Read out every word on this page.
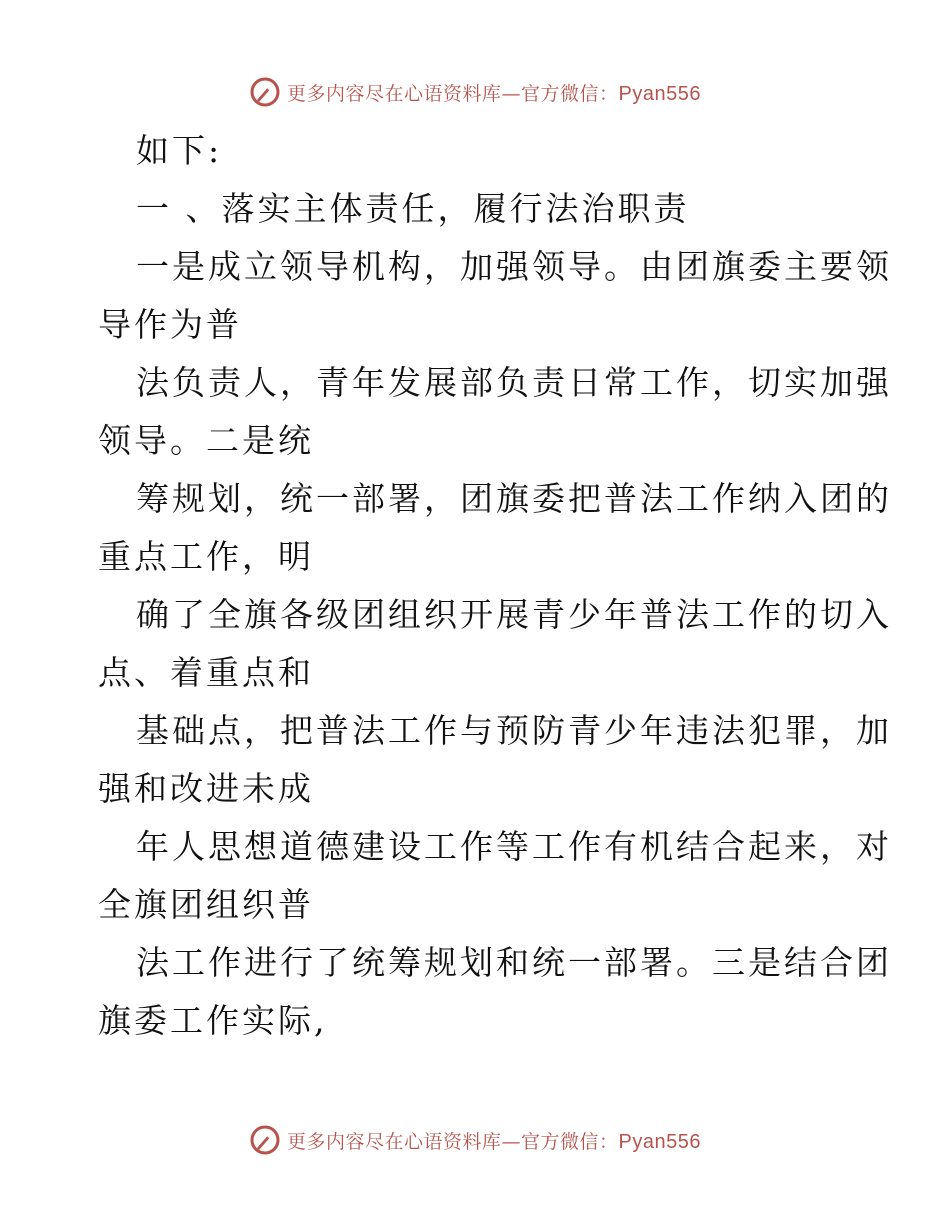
更多内容尽在心语资料库—官方微信：Pyan556
如下:
一 、落实主体责任，履行法治职责
一是成立领导机构，加强领导。由团旗委主要领
导作为普
法负责人，青年发展部负责日常工作，切实加强
领导。二是统
筹规划，统一部署，团旗委把普法工作纳入团的
重点工作，明
确了全旗各级团组织开展青少年普法工作的切入
点、着重点和
基础点，把普法工作与预防青少年违法犯罪，加
强和改进未成
年人思想道德建设工作等工作有机结合起来，对
全旗团组织普
法工作进行了统筹规划和统一部署。三是结合团
旗委工作实际,
更多内容尽在心语资料库—官方微信：Pyan556
